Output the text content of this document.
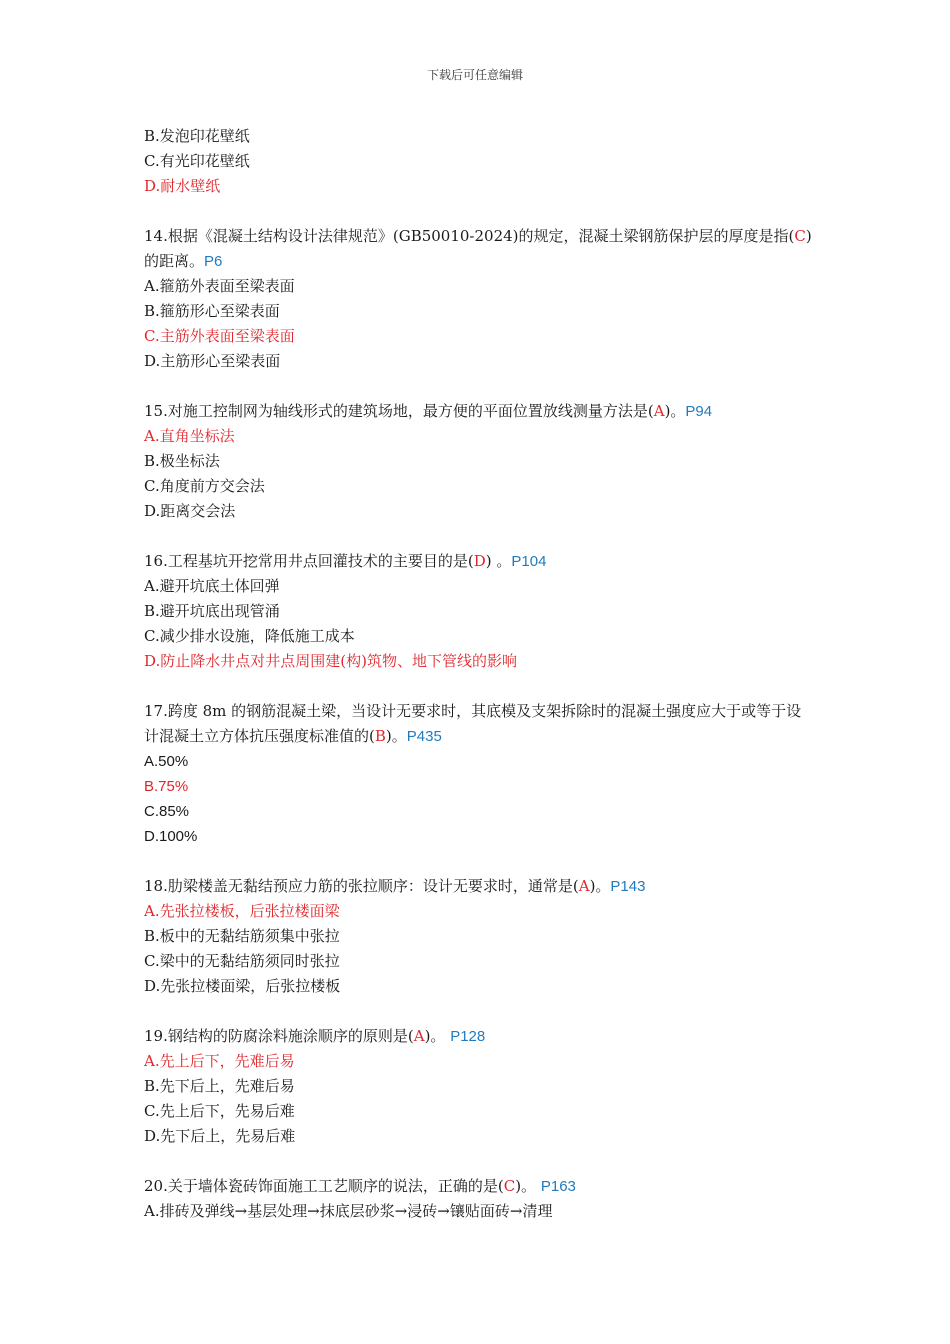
下载后可任意编辑
B.发泡印花壁纸
C.有光印花壁纸
D.耐水壁纸
14.根据《混凝土结构设计法律规范》(GB50010-2024)的规定，混凝土梁钢筋保护层的厚度是指(C)的距离。P6
A.箍筋外表面至梁表面
B.箍筋形心至梁表面
C.主筋外表面至梁表面
D.主筋形心至梁表面
15.对施工控制网为轴线形式的建筑场地，最方便的平面位置放线测量方法是(A)。P94
A.直角坐标法
B.极坐标法
C.角度前方交会法
D.距离交会法
16.工程基坑开挖常用井点回灌技术的主要目的是(D) 。P104
A.避开坑底土体回弹
B.避开坑底出现管涌
C.减少排水设施，降低施工成本
D.防止降水井点对井点周围建(构)筑物、地下管线的影响
17.跨度 8m 的钢筋混凝土梁，当设计无要求时，其底模及支架拆除时的混凝土强度应大于或等于设计混凝土立方体抗压强度标准值的(B)。P435
A.50%
B.75%
C.85%
D.100%
18.肋梁楼盖无黏结预应力筋的张拉顺序：设计无要求时，通常是(A)。P143
A.先张拉楼板，后张拉楼面梁
B.板中的无黏结筋须集中张拉
C.梁中的无黏结筋须同时张拉
D.先张拉楼面梁，后张拉楼板
19.钢结构的防腐涂料施涂顺序的原则是(A)。 P128
A.先上后下，先难后易
B.先下后上，先难后易
C.先上后下，先易后难
D.先下后上，先易后难
20.关于墙体瓷砖饰面施工工艺顺序的说法，正确的是(C)。 P163
A.排砖及弹线→基层处理→抹底层砂浆→浸砖→镶贴面砖→清理
